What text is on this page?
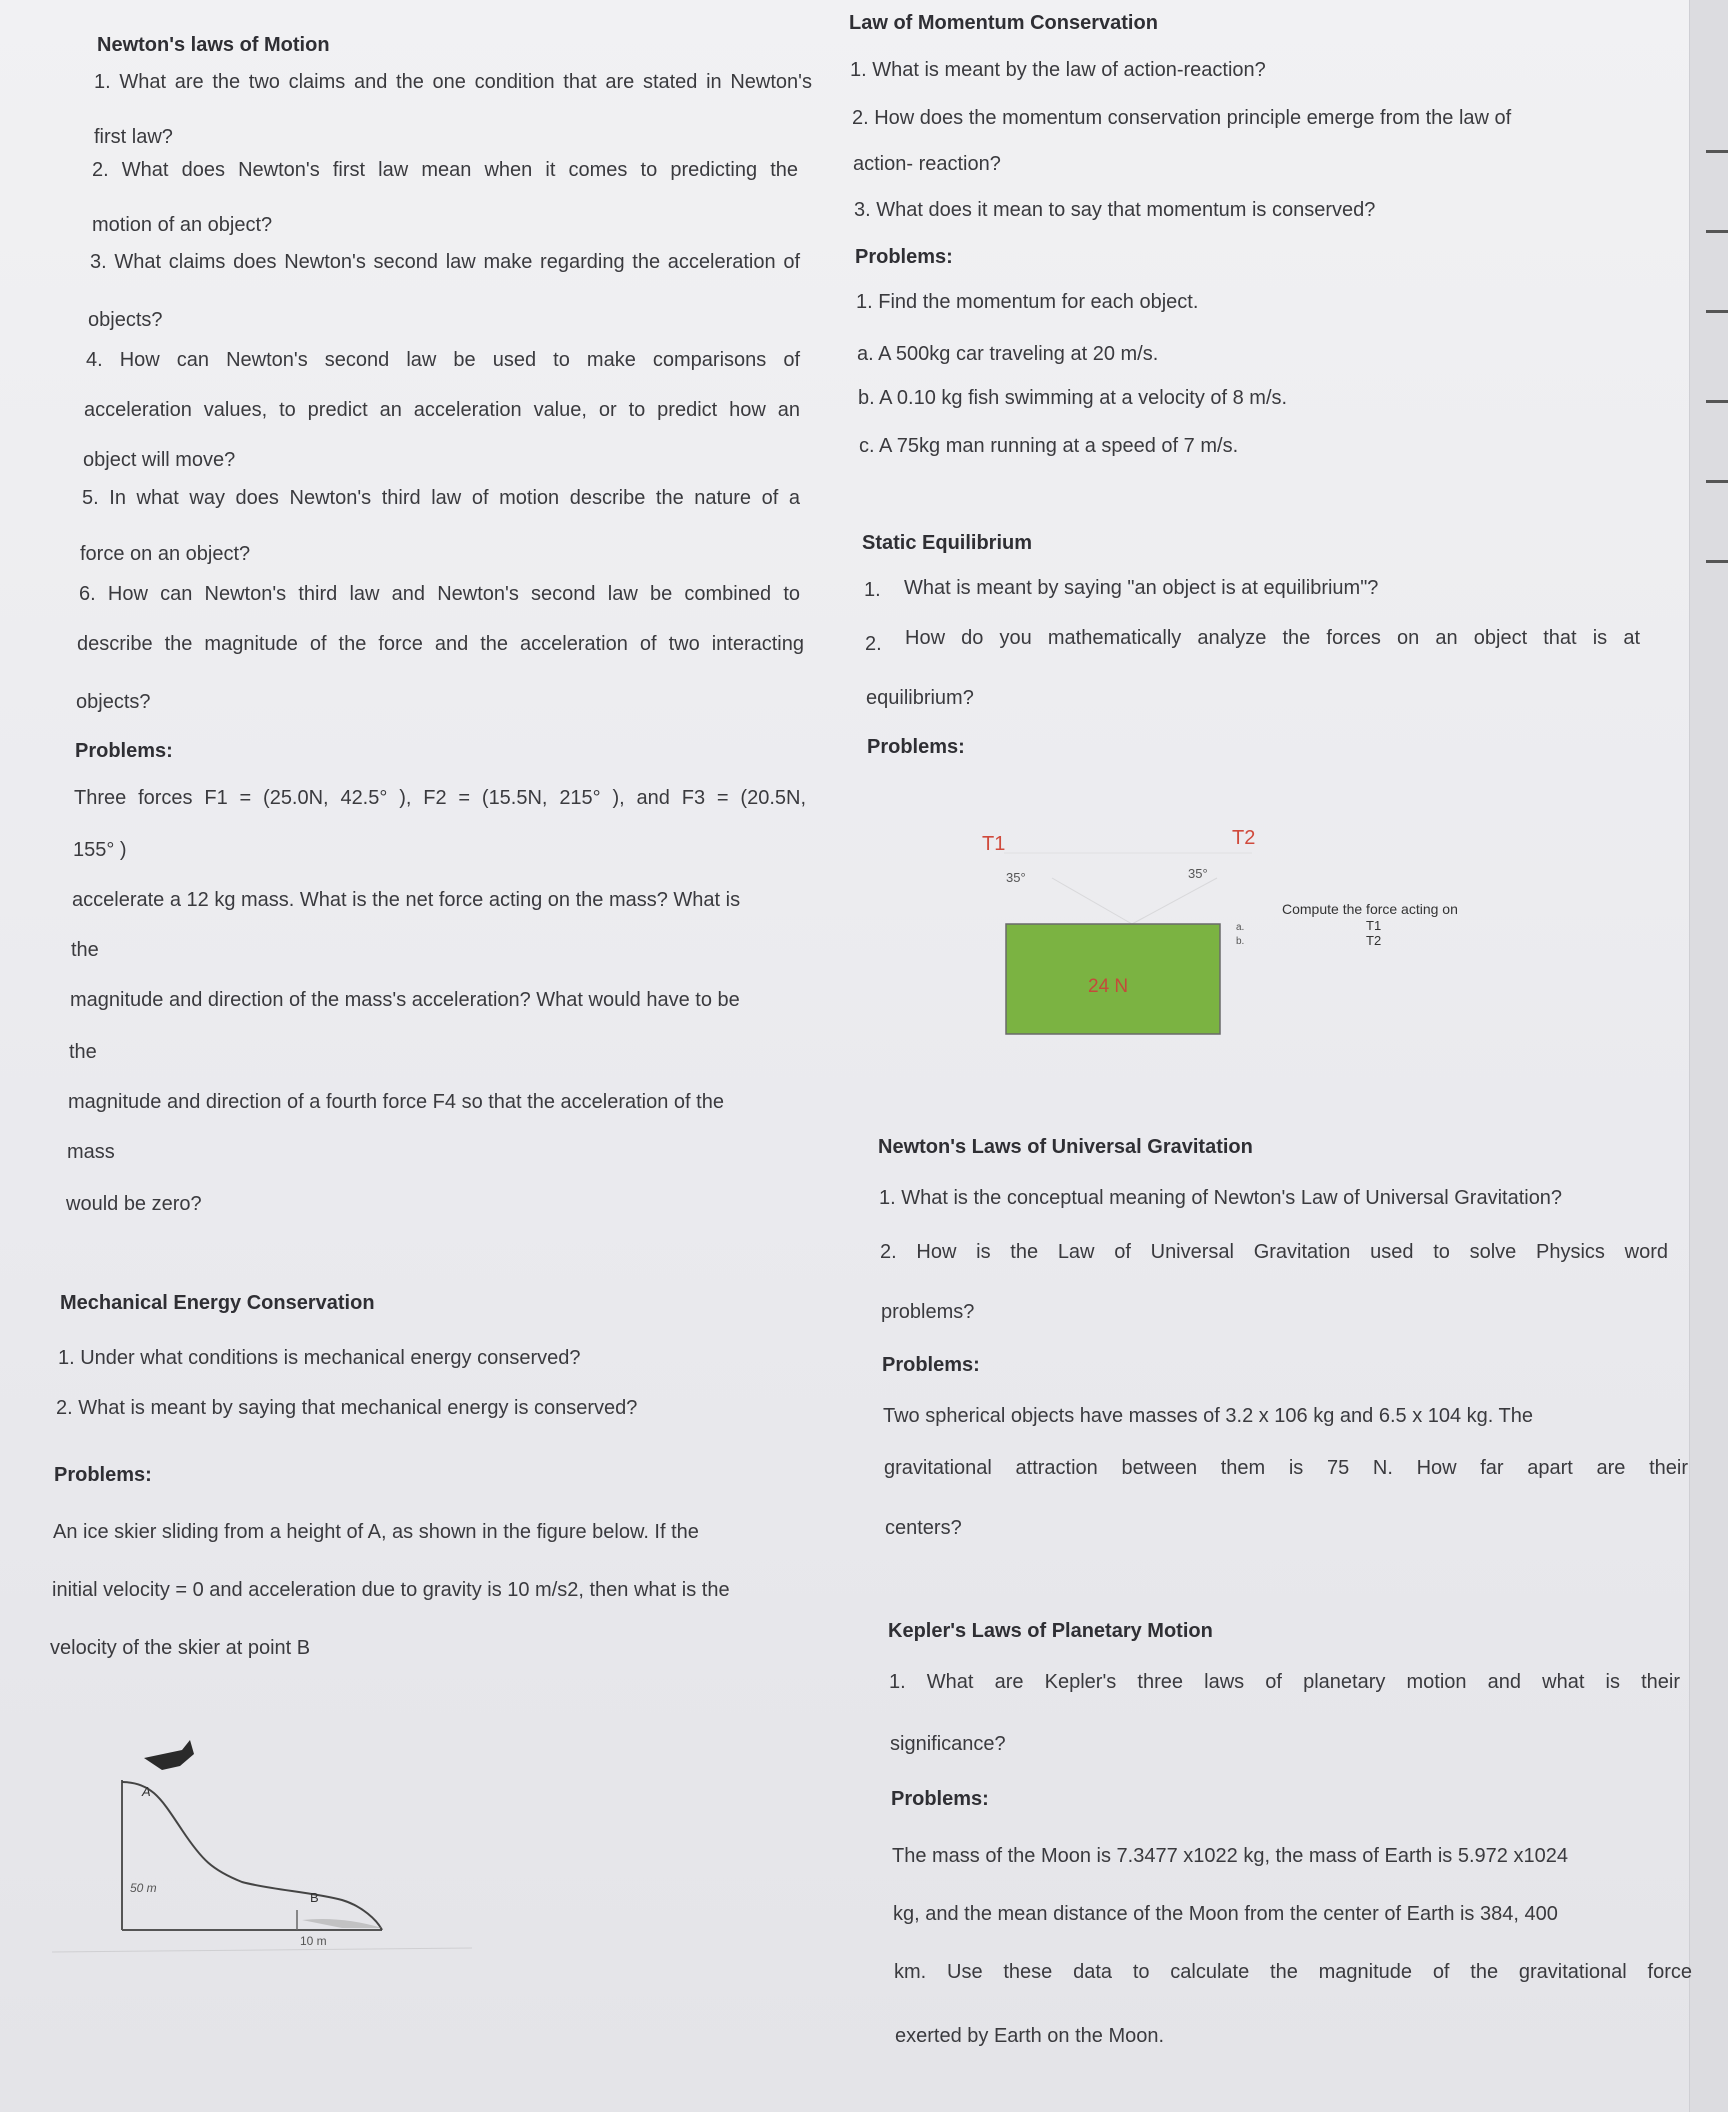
Newton's laws of Motion

1. What are the two claims and the one condition that are stated in Newton's

first law?

2. What does Newton's first law mean when it comes to predicting the

motion of an object?

3. What claims does Newton's second law make regarding the acceleration of

objects?

4. How can Newton's second law be used to make comparisons of

acceleration values, to predict an acceleration value, or to predict how an

object will move?

5. In what way does Newton's third law of motion describe the nature of a

force on an object?

6. How can Newton's third law and Newton's second law be combined to

describe the magnitude of the force and the acceleration of two interacting

objects?

Problems:

Three forces F1 = (25.0N, 42.5° ), F2 = (15.5N, 215° ), and F3 = (20.5N,

155° )

accelerate a 12 kg mass. What is the net force acting on the mass? What is

the

magnitude and direction of the mass's acceleration? What would have to be

the

magnitude and direction of a fourth force F4 so that the acceleration of the

mass

would be zero?

Mechanical Energy Conservation

1. Under what conditions is mechanical energy conserved?

2. What is meant by saying that mechanical energy is conserved?

Problems:

An ice skier sliding from a height of A, as shown in the figure below. If the

initial velocity = 0 and acceleration due to gravity is 10 m/s2, then what is the

velocity of the skier at point B

A
B
50 m
10 m

Law of Momentum Conservation

1. What is meant by the law of action-reaction?

2. How does the momentum conservation principle emerge from the law of

action- reaction?

3. What does it mean to say that momentum is conserved?

Problems:

1. Find the momentum for each object.

a. A 500kg car traveling at 20 m/s.

b. A 0.10 kg fish swimming at a velocity of 8 m/s.

c. A 75kg man running at a speed of 7 m/s.

Static Equilibrium

1.	What is meant by saying "an object is at equilibrium"?

2.	How do you mathematically analyze the forces on an object that is at

equilibrium?

Problems:

T1	T2
35°	35°
24 N
Compute the force acting on
a.
b.
T1
T2

Newton's Laws of Universal Gravitation

1. What is the conceptual meaning of Newton's Law of Universal Gravitation?

2. How is the Law of Universal Gravitation used to solve Physics word

problems?

Problems:

Two spherical objects have masses of 3.2 x 106 kg and 6.5 x 104 kg. The

gravitational attraction between them is 75 N. How far apart are their

centers?

Kepler's Laws of Planetary Motion

1. What are Kepler's three laws of planetary motion and what is their

significance?

Problems:

The mass of the Moon is 7.3477 x1022 kg, the mass of Earth is 5.972 x1024

kg, and the mean distance of the Moon from the center of Earth is 384, 400

km. Use these data to calculate the magnitude of the gravitational force

exerted by Earth on the Moon.
